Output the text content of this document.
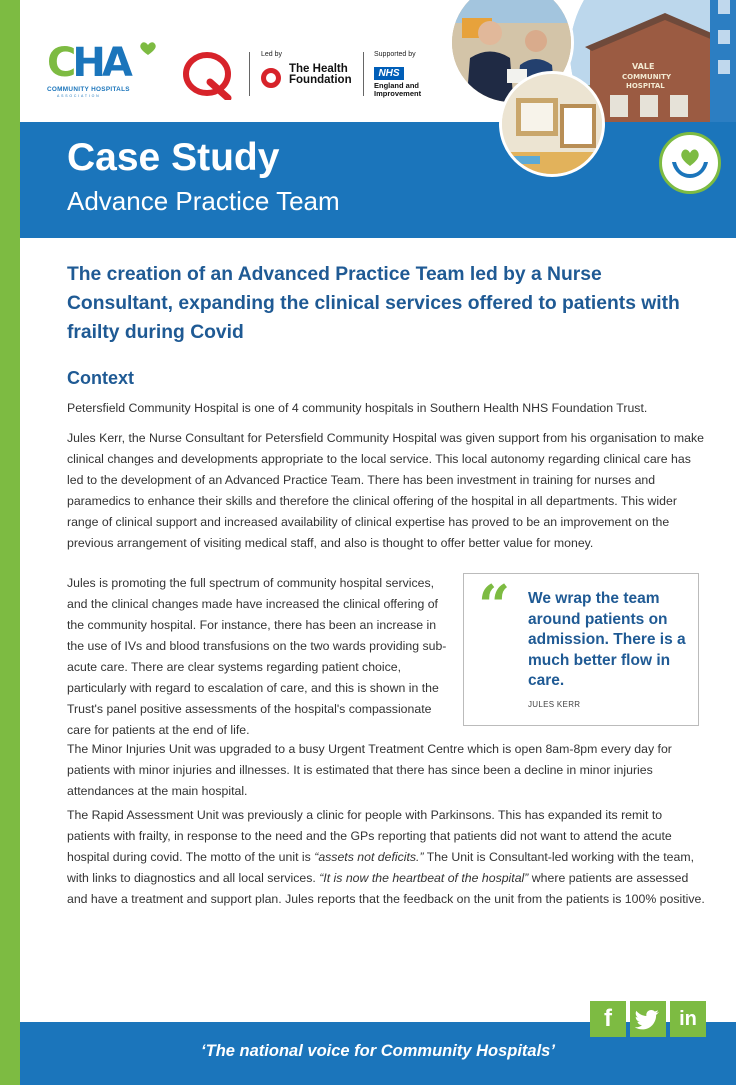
CHA
COMMUNITY HOSPITALS
ASSOCIATION
Led by
The Health Foundation
Supported by
NHS
England and
Improvement
VALE
COMMUNITY
HOSPITAL
Case Study
Advance Practice Team
The creation of an Advanced Practice Team led by a Nurse Consultant, expanding the clinical services offered to patients with frailty during Covid
Context

Petersfield Community Hospital is one of 4 community hospitals in Southern Health NHS Foundation Trust.

Jules Kerr, the Nurse Consultant for Petersfield Community Hospital was given support from his organisation to make clinical changes and developments appropriate to the local service. This local autonomy regarding clinical care has led to the development of an Advanced Practice Team. There has been investment in training for nurses and paramedics to enhance their skills and therefore the clinical offering of the hospital in all departments. This wider range of clinical support and increased availability of clinical expertise has proved to be an improvement on the previous arrangement of visiting medical staff, and also is thought to offer better value for money.

Jules is promoting the full spectrum of community hospital services, and the clinical changes made have increased the clinical offering of the community hospital. For instance, there has been an increase in the use of IVs and blood transfusions on the two wards providing sub-acute care. There are clear systems regarding patient choice, particularly with regard to escalation of care, and this is shown in the Trust's panel positive assessments of the hospital's compassionate care for patients at the end of life.

“ We wrap the team around patients on admission. There is a much better flow in care.
JULES KERR

The Minor Injuries Unit was upgraded to a busy Urgent Treatment Centre which is open 8am-8pm every day for patients with minor injuries and illnesses. It is estimated that there has since been a decline in minor injuries attendances at the main hospital.

The Rapid Assessment Unit was previously a clinic for people with Parkinsons. This has expanded its remit to patients with frailty, in response to the need and the GPs reporting that patients did not want to attend the acute hospital during covid. The motto of the unit is “assets not deficits.” The Unit is Consultant-led working with the team, with links to diagnostics and all local services. “It is now the heartbeat of the hospital” where patients are assessed and have a treatment and support plan. Jules reports that the feedback on the unit from the patients is 100% positive.

‘The national voice for Community Hospitals’
f	in
